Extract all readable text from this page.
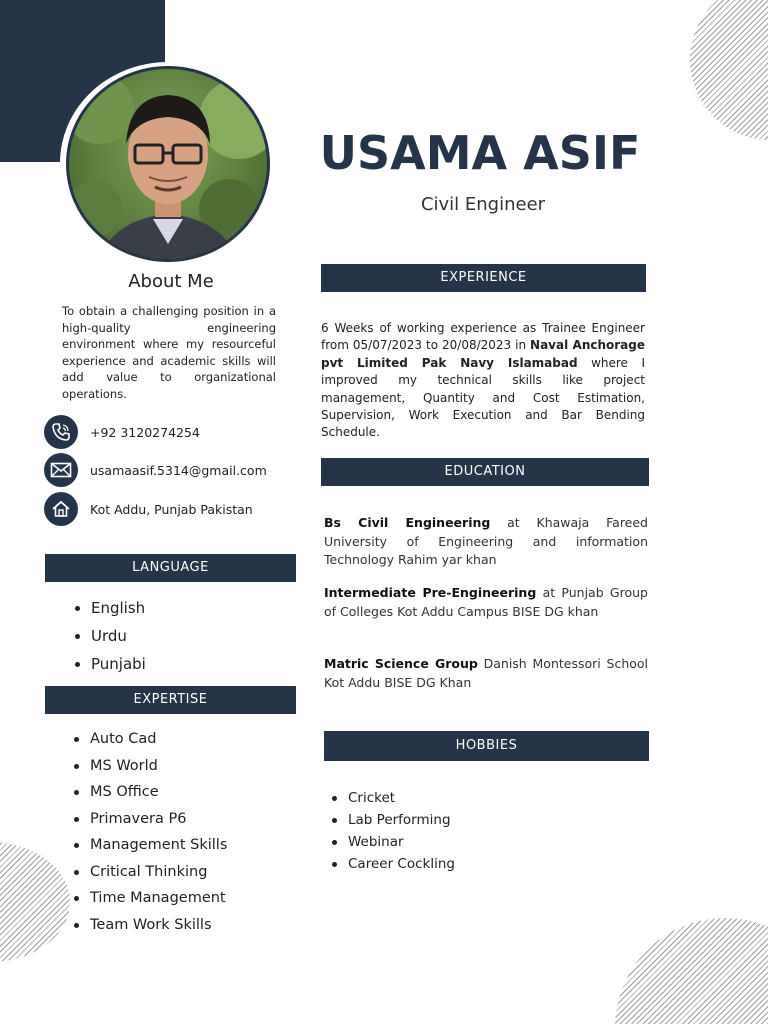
USAMA ASIF
Civil Engineer
About Me
To obtain a challenging position in a high-quality engineering environment where my resourceful experience and academic skills will add value to organizational operations.
+92 3120274254
usamaasif.5314@gmail.com
Kot Addu, Punjab Pakistan
LANGUAGE
English
Urdu
Punjabi
EXPERTISE
Auto Cad
MS World
MS Office
Primavera P6
Management Skills
Critical Thinking
Time Management
Team Work Skills
EXPERIENCE
6 Weeks of working experience as Trainee Engineer from 05/07/2023 to 20/08/2023 in Naval Anchorage pvt Limited Pak Navy Islamabad where I improved my technical skills like project management, Quantity and Cost Estimation, Supervision, Work Execution and Bar Bending Schedule.
EDUCATION
Bs Civil Engineering at Khawaja Fareed University of Engineering and information Technology Rahim yar khan
Intermediate Pre-Engineering at Punjab Group of Colleges Kot Addu Campus BISE DG khan
Matric Science Group Danish Montessori School Kot Addu BISE DG Khan
HOBBIES
Cricket
Lab Performing
Webinar
Career Cockling
